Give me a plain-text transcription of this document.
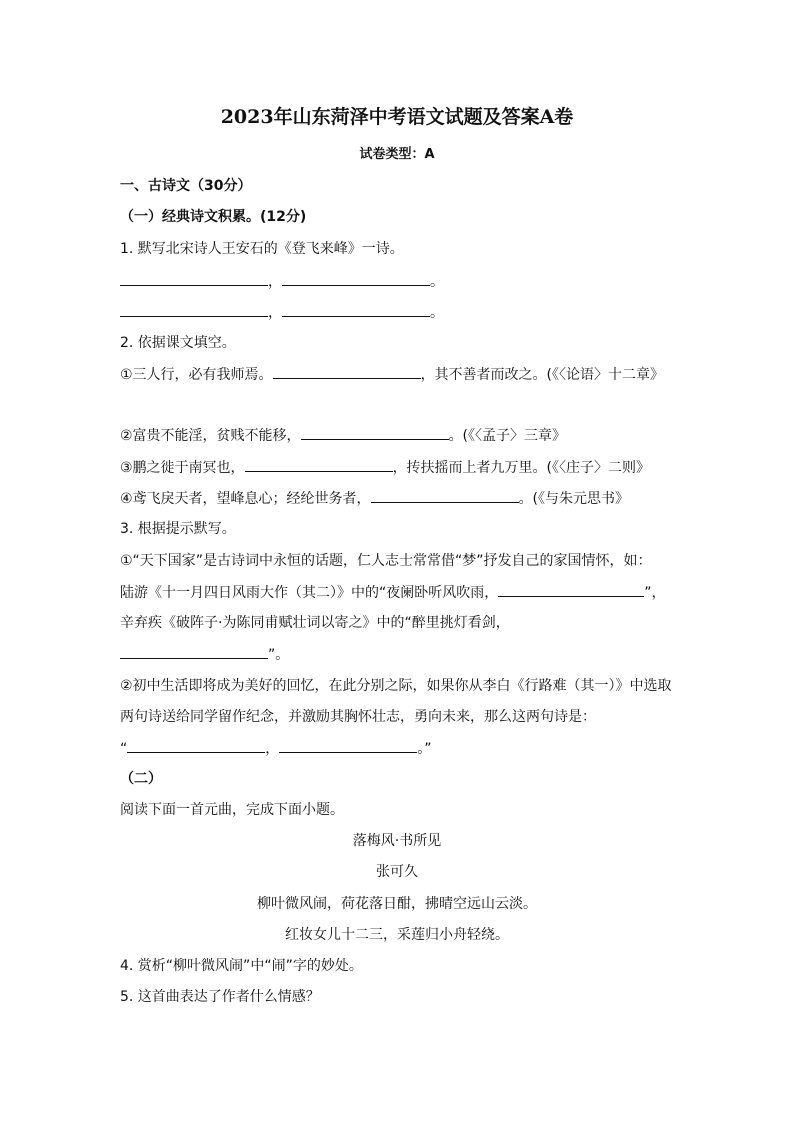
2023年山东菏泽中考语文试题及答案A卷
试卷类型：A
一、古诗文（30分）
（一）经典诗文积累。(12分)
1. 默写北宋诗人王安石的《登飞来峰》一诗。
，	。
，	。
2. 依据课文填空。
①三人行，必有我师焉。	，其不善者而改之。(《〈论语〉十二章》
②富贵不能淫，贫贱不能移，	。(《〈孟子〉三章》
③鹏之徙于南冥也，	，抟扶摇而上者九万里。(《〈庄子〉二则》
④鸢飞戾天者，望峰息心；经纶世务者，	。(《与朱元思书》
3. 根据提示默写。
①“天下国家”是古诗词中永恒的话题，仁人志士常常借“梦”抒发自己的家国情怀，如：
陆游《十一月四日风雨大作（其二）》中的“夜阑卧听风吹雨，	”，
辛弃疾《破阵子·为陈同甫赋壮词以寄之》中的“醉里挑灯看剑，
”。
②初中生活即将成为美好的回忆，在此分别之际，如果你从李白《行路难（其一）》中选取
两句诗送给同学留作纪念，并激励其胸怀壮志，勇向未来，那么这两句诗是：
“	，	。”
（二）
阅读下面一首元曲，完成下面小题。
落梅风·书所见
张可久
柳叶微风闹，荷花落日酣，拂晴空远山云淡。
红妆女儿十二三，采莲归小舟轻绕。
4. 赏析“柳叶微风闹”中“闹”字的妙处。
5. 这首曲表达了作者什么情感？
